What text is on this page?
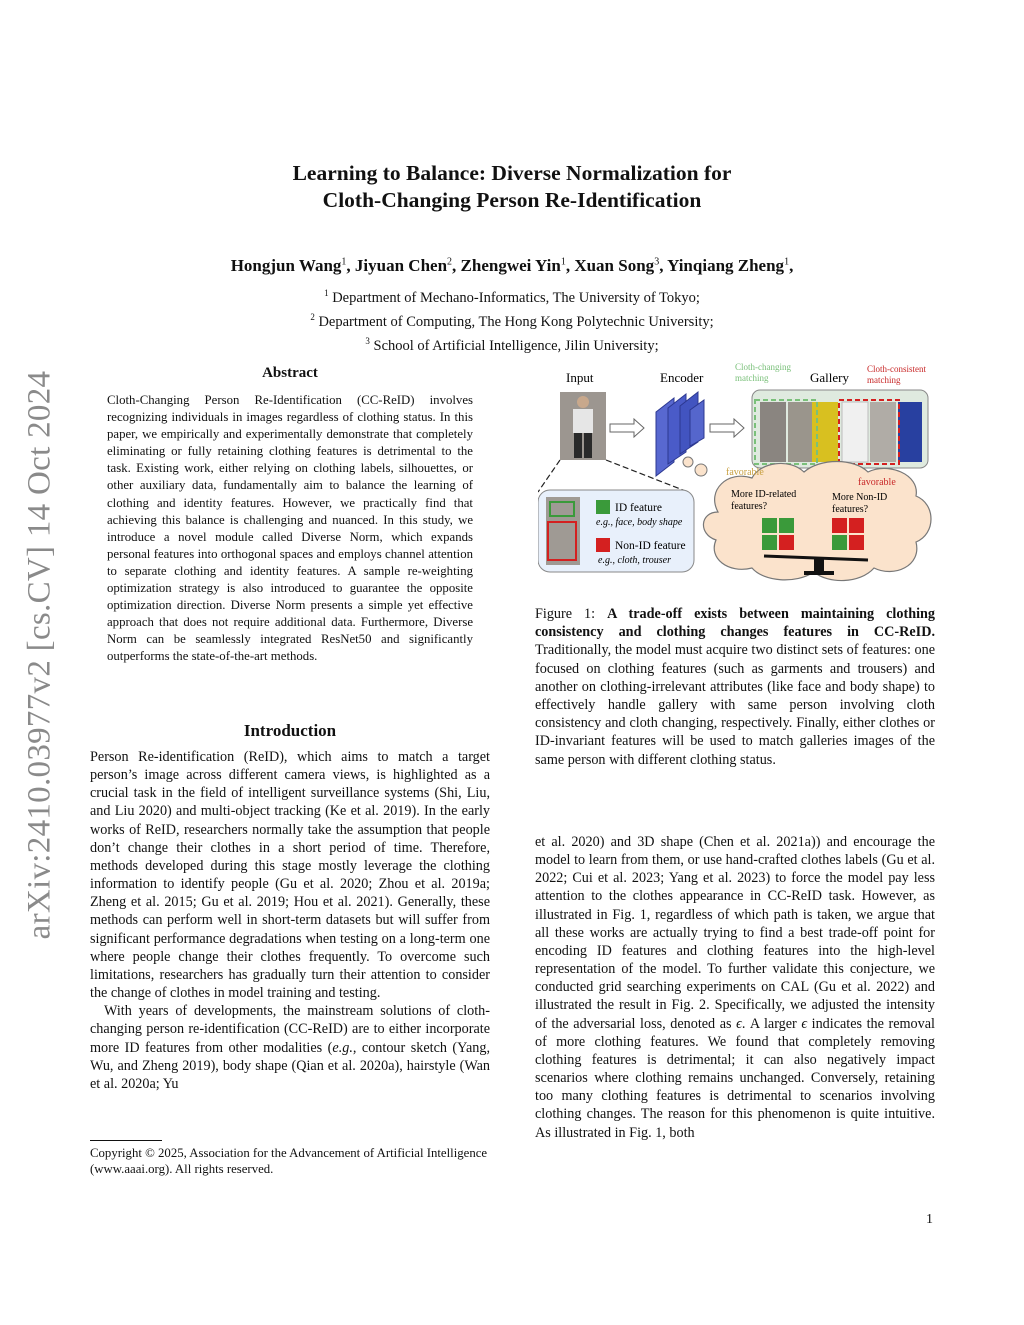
arXiv:2410.03977v2 [cs.CV] 14 Oct 2024
Learning to Balance: Diverse Normalization for
Cloth-Changing Person Re-Identification
Hongjun Wang$^1$, Jiyuan Chen$^2$, Zhengwei Yin$^1$, Xuan Song$^3$, Yinqiang Zheng$^1$,
$^1$ Department of Mechano-Informatics, The University of Tokyo;
$^2$ Department of Computing, The Hong Kong Polytechnic University;
$^3$ School of Artificial Intelligence, Jilin University;
Abstract
Cloth-Changing Person Re-Identification (CC-ReID) involves recognizing individuals in images regardless of clothing status. In this paper, we empirically and experimentally demonstrate that completely eliminating or fully retaining clothing features is detrimental to the task. Existing work, either relying on clothing labels, silhouettes, or other auxiliary data, fundamentally aim to balance the learning of clothing and identity features. However, we practically find that achieving this balance is challenging and nuanced. In this study, we introduce a novel module called Diverse Norm, which expands personal features into orthogonal spaces and employs channel attention to separate clothing and identity features. A sample re-weighting optimization strategy is also introduced to guarantee the opposite optimization direction. Diverse Norm presents a simple yet effective approach that does not require additional data. Furthermore, Diverse Norm can be seamlessly integrated ResNet50 and significantly outperforms the state-of-the-art methods.
Introduction

Person Re-identification (ReID), which aims to match a target person’s image across different camera views, is highlighted as a crucial task in the field of intelligent surveillance systems (Shi, Liu, and Liu 2020) and multi-object tracking (Ke et al. 2019). In the early works of ReID, researchers normally take the assumption that people don’t change their clothes in a short period of time. Therefore, methods developed during this stage mostly leverage the clothing information to identify people (Gu et al. 2020; Zhou et al. 2019a; Zheng et al. 2015; Gu et al. 2019; Hou et al. 2021). Generally, these methods can perform well in short-term datasets but will suffer from significant performance degradations when testing on a long-term one where people change their clothes frequently. To overcome such limitations, researchers has gradually turn their attention to consider the change of clothes in model training and testing.

With years of developments, the mainstream solutions of cloth-changing person re-identification (CC-ReID) are to either incorporate more ID features from other modalities (e.g., contour sketch (Yang, Wu, and Zheng 2019), body shape (Qian et al. 2020a), hairstyle (Wan et al. 2020a; Yu

Copyright © 2025, Association for the Advancement of Artificial Intelligence (www.aaai.org). All rights reserved.

et al. 2020) and 3D shape (Chen et al. 2021a)) and encourage the model to learn from them, or use hand-crafted clothes labels (Gu et al. 2022; Cui et al. 2023; Yang et al. 2023) to force the model pay less attention to the clothes appearance in CC-ReID task. However, as illustrated in Fig. 1, regardless of which path is taken, we argue that all these works are actually trying to find a best trade-off point for encoding ID features and clothing features into the high-level representation of the model. To further validate this conjecture, we conducted grid searching experiments on CAL (Gu et al. 2022) and illustrated the result in Fig. 2. Specifically, we adjusted the intensity of the adversarial loss, denoted as ϵ. A larger ϵ indicates the removal of more clothing features. We found that completely removing clothing features is detrimental; it can also negatively impact scenarios where clothing remains unchanged. Conversely, retaining too many clothing features is detrimental to scenarios involving clothing changes. The reason for this phenomenon is quite intuitive. As illustrated in Fig. 1, both

Input	Encoder
Cloth-changing
matching	Gallery
Cloth-consistent
matching
ID feature
e.g., face, body shape
Non-ID feature
e.g., cloth, trouser
favorable
favorable
More ID-related
features?
More Non-ID
features?
Figure 1: A trade-off exists between maintaining clothing consistency and clothing changes features in CC-ReID. Traditionally, the model must acquire two distinct sets of features: one focused on clothing features (such as garments and trousers) and another on clothing-irrelevant attributes (like face and body shape) to effectively handle gallery with same person involving cloth consistency and cloth changing, respectively. Finally, either clothes or ID-invariant features will be used to match galleries images of the same person with different clothing status.
1
